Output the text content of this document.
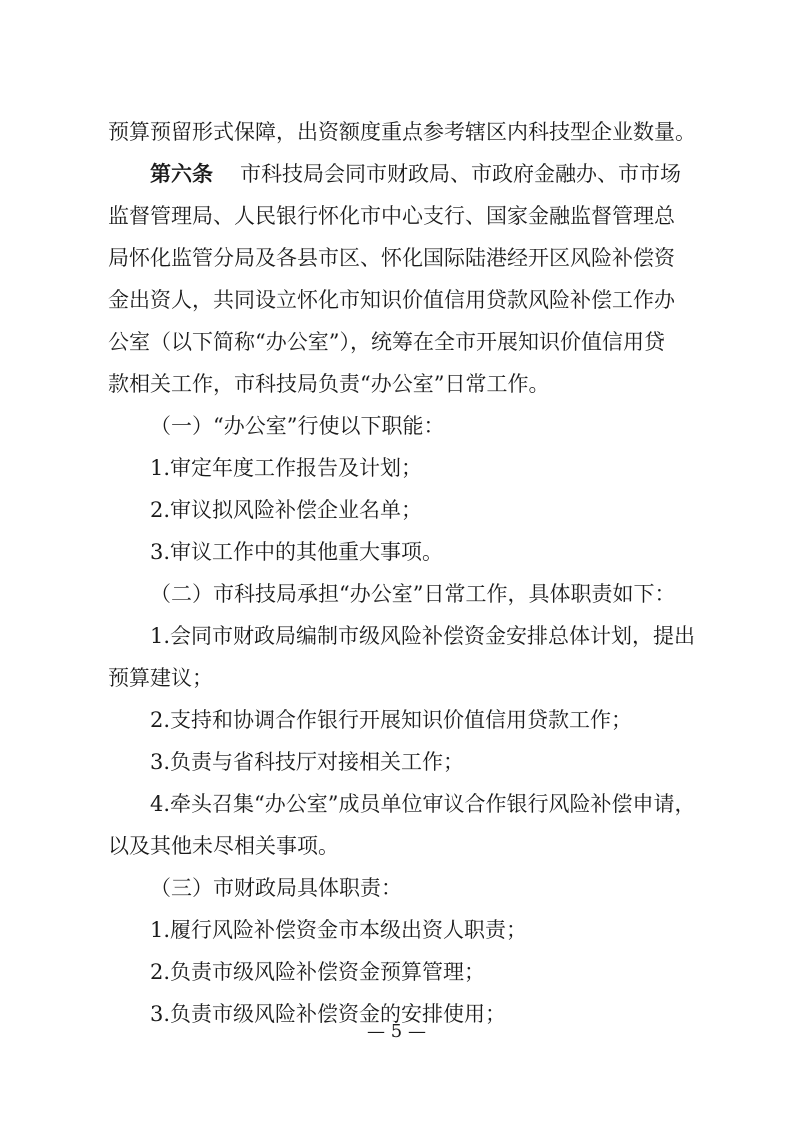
预算预留形式保障，出资额度重点参考辖区内科技型企业数量。
第六条 市科技局会同市财政局、市政府金融办、市市场
监督管理局、人民银行怀化市中心支行、国家金融监督管理总
局怀化监管分局及各县市区、怀化国际陆港经开区风险补偿资
金出资人，共同设立怀化市知识价值信用贷款风险补偿工作办
公室（以下简称“办公室”），统筹在全市开展知识价值信用贷
款相关工作，市科技局负责“办公室”日常工作。
（一）“办公室”行使以下职能：
1.审定年度工作报告及计划；
2.审议拟风险补偿企业名单；
3.审议工作中的其他重大事项。
（二）市科技局承担“办公室”日常工作，具体职责如下：
1.会同市财政局编制市级风险补偿资金安排总体计划，提出
预算建议；
2.支持和协调合作银行开展知识价值信用贷款工作；
3.负责与省科技厅对接相关工作；
4.牵头召集“办公室”成员单位审议合作银行风险补偿申请，
以及其他未尽相关事项。
（三）市财政局具体职责：
1.履行风险补偿资金市本级出资人职责；
2.负责市级风险补偿资金预算管理；
3.负责市级风险补偿资金的安排使用；
— 5 —
